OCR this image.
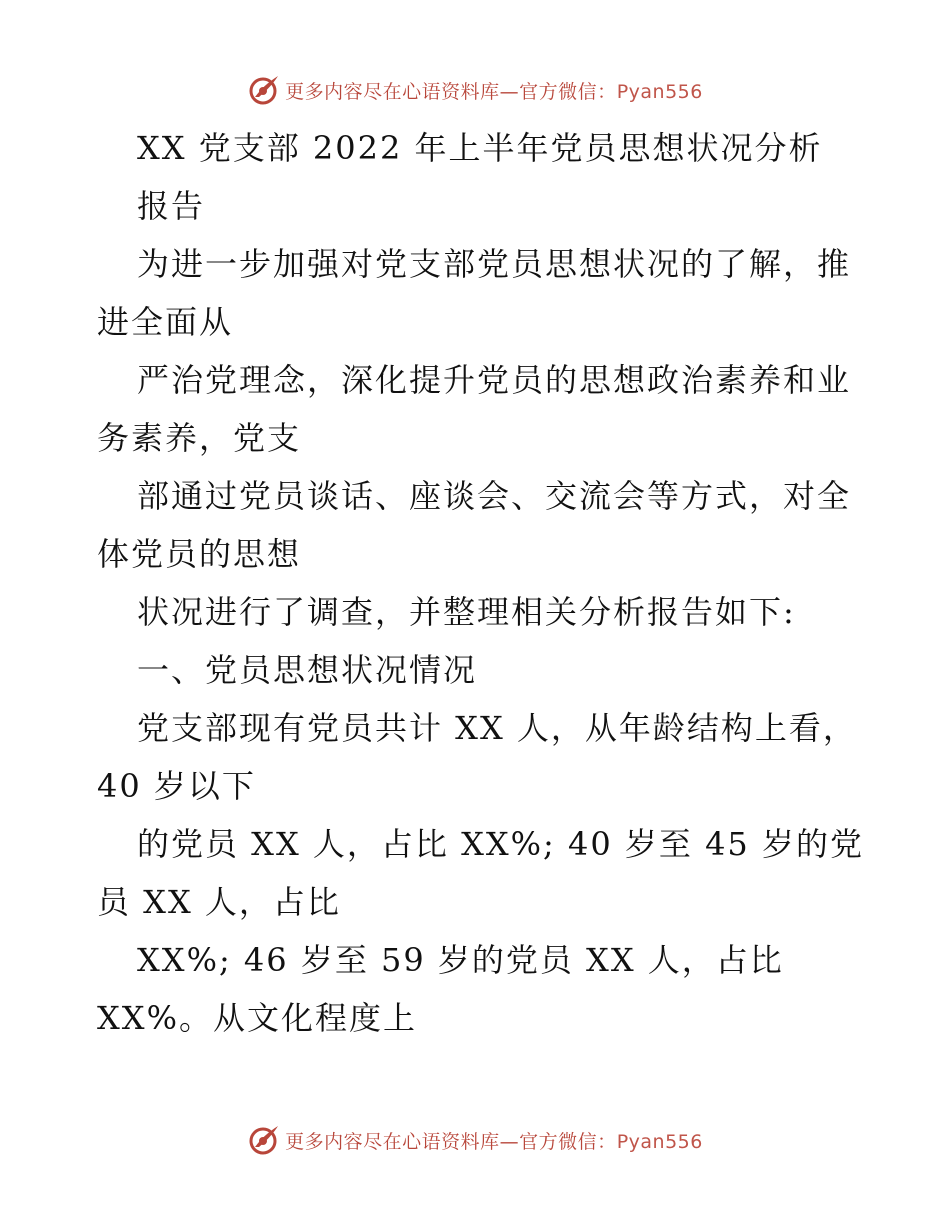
更多内容尽在心语资料库—官方微信：Pyan556
XX 党支部 2022 年上半年党员思想状况分析
报告
为进一步加强对党支部党员思想状况的了解，推
进全面从
严治党理念，深化提升党员的思想政治素养和业
务素养，党支
部通过党员谈话、座谈会、交流会等方式，对全
体党员的思想
状况进行了调查，并整理相关分析报告如下:
一、党员思想状况情况
党支部现有党员共计 XX 人，从年龄结构上看，
40 岁以下
的党员 XX 人，占比 XX%; 40 岁至 45 岁的党
员 XX 人，占比
XX%; 46 岁至 59 岁的党员 XX 人，占比
XX%。从文化程度上
更多内容尽在心语资料库—官方微信：Pyan556
